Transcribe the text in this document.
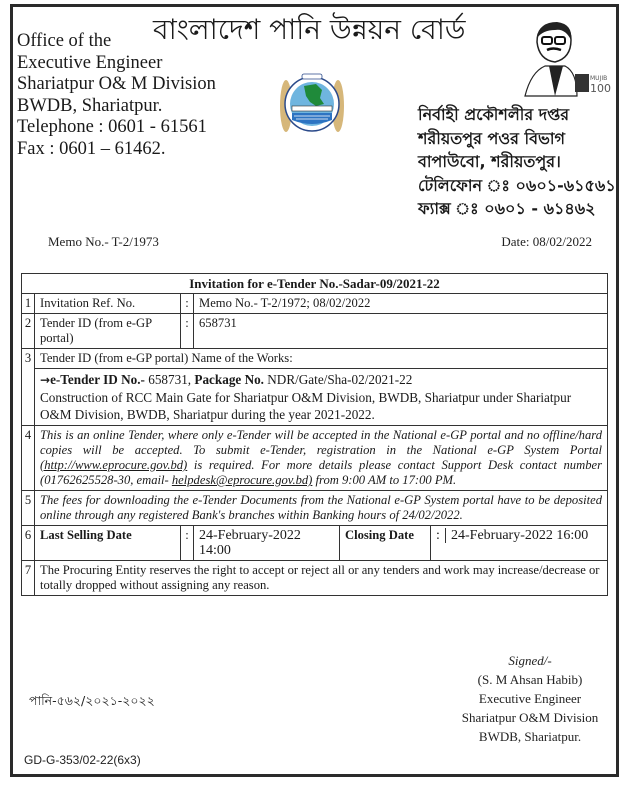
Office of the
Executive Engineer
Shariatpur O& M Division
BWDB, Shariatpur.
Telephone : 0601 - 61561
Fax : 0601 – 61462.
বাংলাদেশ পানি উন্নয়ন বোর্ড
MUJIB
100
নির্বাহী প্রকৌশলীর দপ্তর
শরীয়তপুর পওর বিভাগ
বাপাউবো, শরীয়তপুর।
টেলিফোন ঃ ০৬০১-৬১৫৬১
ফ্যাক্স ঃ ০৬০১ - ৬১৪৬২
Memo No.- T-2/1973	Date: 08/02/2022
Invitation for e-Tender No.-Sadar-09/2021-22					
1	Invitation Ref. No.	:	Memo No.- T-2/1972; 08/02/2022		
2	Tender ID (from e-GP portal)	:	658731		
3	Tender ID (from e-GP portal) Name of the Works:				
	→e-Tender ID No.- 658731, Package No. NDR/Gate/Sha-02/2021-22
Construction of RCC Main Gate for Shariatpur O&M Division, BWDB, Shariatpur under Shariatpur O&M Division, BWDB, Shariatpur during the year 2021-2022.				
4	This is an online Tender, where only e-Tender will be accepted in the National e-GP portal and no offline/hard copies will be accepted. To submit e-Tender, registration in the National e-GP System Portal (http://www.eprocure.gov.bd) is required. For more details please contact Support Desk contact number (01762625528-30, email- helpdesk@eprocure.gov.bd) from 9:00 AM to 17:00 PM.				
5	The fees for downloading the e-Tender Documents from the National e-GP System portal have to be deposited online through any registered Bank's branches within Banking hours of 24/02/2022.				
6	Last Selling Date	:	24-February-2022 14:00	Closing Date	: 24-February-2022 16:00
7	The Procuring Entity reserves the right to accept or reject all or any tenders and work may increase/decrease or totally dropped without assigning any reason.				
পানি-৫৬২/২০২১-২০২২
GD-G-353/02-22(6x3)
Signed/-
(S. M Ahsan Habib)
Executive Engineer
Shariatpur O&M Division
BWDB, Shariatpur.
